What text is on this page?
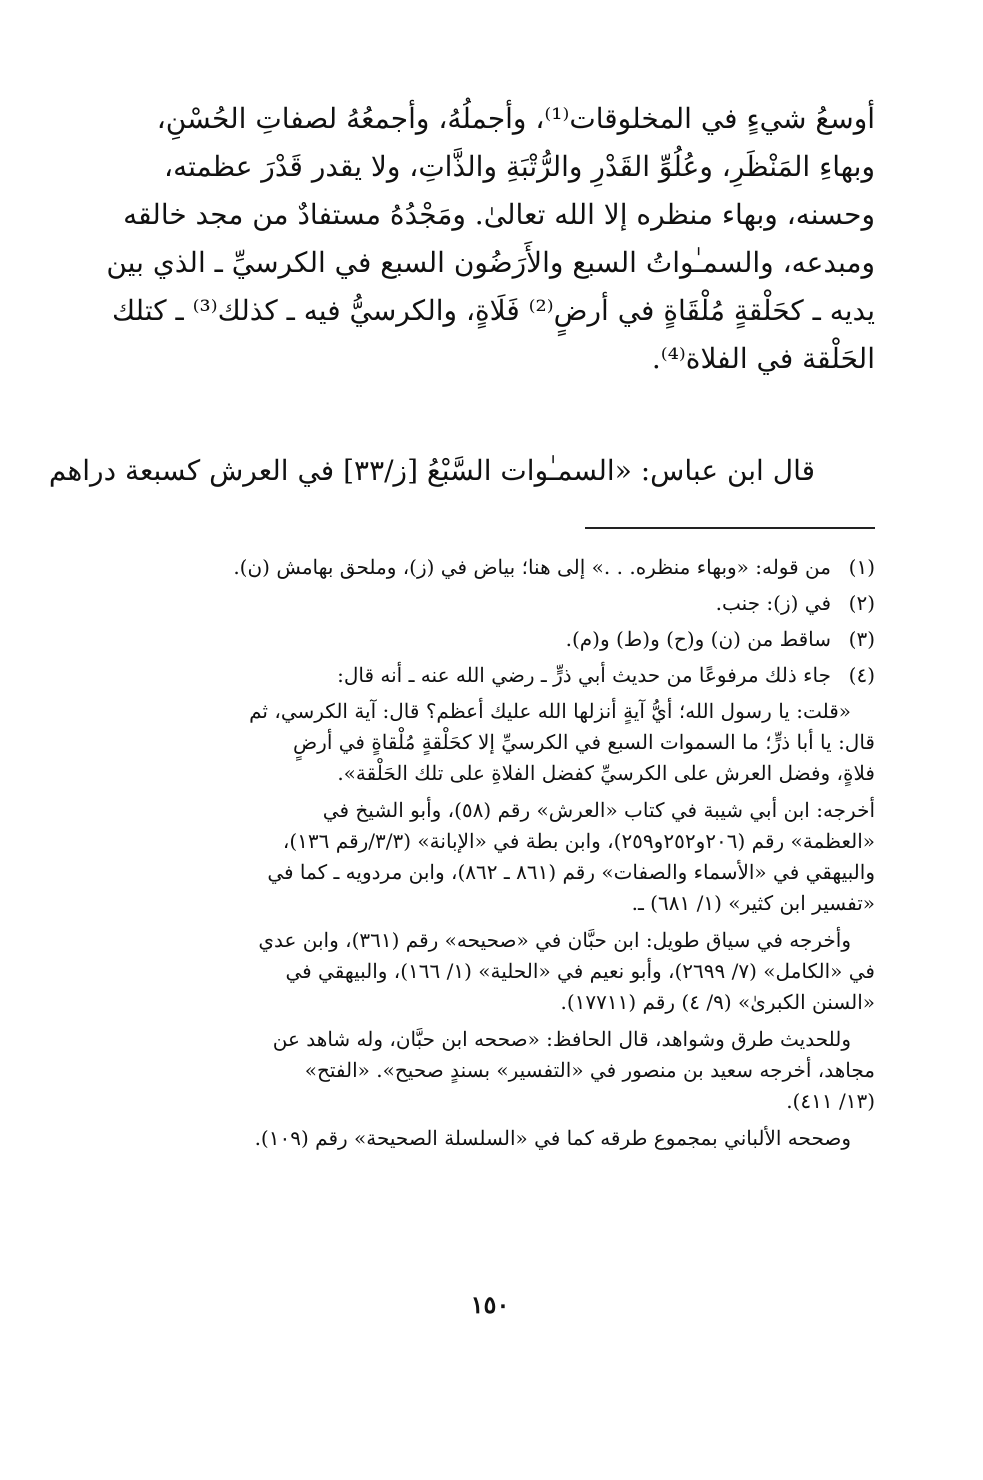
أوسعُ شيءٍ في المخلوقات⁽¹⁾، وأجملُهُ، وأجمعُهُ لصفاتِ الحُسْنِ،
وبهاءِ المَنْظَرِ، وعُلُوِّ القَدْرِ والرُّتْبَةِ والذَّاتِ، ولا يقدر قَدْرَ عظمته،
وحسنه، وبهاء منظره إلا الله تعالىٰ. ومَجْدُهُ مستفادٌ من مجد خالقه
ومبدعه، والسمـٰواتُ السبع والأَرَضُون السبع في الكرسيِّ ـ الذي بين
يديه ـ كحَلْقةٍ مُلْقَاةٍ في أرضٍ⁽²⁾ فَلَاةٍ، والكرسيُّ فيه ـ كذلك⁽³⁾ ـ كتلك
الحَلْقة في الفلاة⁽⁴⁾.

قال ابن عباس: «السمـٰوات السَّبْعُ [ز/٣٣] في العرش كسبعة دراهم
(١)
من قوله: «وبهاء منظره. . .» إلى هنا؛ بياض في (ز)، وملحق بهامش (ن).
(٢)
في (ز): جنب.
(٣)
ساقط من (ن) و(ح) و(ط) و(م).
(٤)
جاء ذلك مرفوعًا من حديث أبي ذرٍّ ـ رضي الله عنه ـ أنه قال:
«قلت: يا رسول الله؛ أيُّ آيةٍ أنزلها الله عليك أعظم؟ قال: آية الكرسي، ثم
قال: يا أبا ذرٍّ؛ ما السموات السبع في الكرسيِّ إلا كحَلْقةٍ مُلْقاةٍ في أرضٍ
فلاةٍ، وفضل العرش على الكرسيِّ كفضل الفلاةِ على تلك الحَلْقة».
أخرجه: ابن أبي شيبة في كتاب «العرش» رقم (٥٨)، وأبو الشيخ في
«العظمة» رقم (٢٠٦و٢٥٢و٢٥٩)، وابن بطة في «الإبانة» (٣/٣/رقم ١٣٦)،
والبيهقي في «الأسماء والصفات» رقم (٨٦١ ـ ٨٦٢)، وابن مردويه ـ كما في
«تفسير ابن كثير» (١/ ٦٨١) ـ.
وأخرجه في سياق طويل: ابن حبَّان في «صحيحه» رقم (٣٦١)، وابن عدي
في «الكامل» (٧/ ٢٦٩٩)، وأبو نعيم في «الحلية» (١/ ١٦٦)، والبيهقي في
«السنن الكبرىٰ» (٩/ ٤) رقم (١٧٧١١).
وللحديث طرق وشواهد، قال الحافظ: «صححه ابن حبَّان، وله شاهد عن
مجاهد، أخرجه سعيد بن منصور في «التفسير» بسندٍ صحيح». «الفتح»
(١٣/ ٤١١).
وصححه الألباني بمجموع طرقه كما في «السلسلة الصحيحة» رقم (١٠٩).
١٥٠
